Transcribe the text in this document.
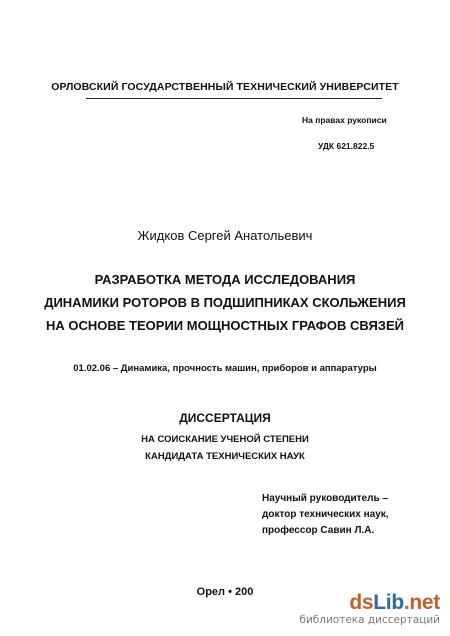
ОРЛОВСКИЙ ГОСУДАРСТВЕННЫЙ ТЕХНИЧЕСКИЙ УНИВЕРСИТЕТ
На правах рукописи
УДК 621.822.5
Жидков Сергей Анатольевич
РАЗРАБОТКА МЕТОДА ИССЛЕДОВАНИЯ
ДИНАМИКИ РОТОРОВ В ПОДШИПНИКАХ СКОЛЬЖЕНИЯ
НА ОСНОВЕ ТЕОРИИ МОЩНОСТНЫХ ГРАФОВ СВЯЗЕЙ
01.02.06 – Динамика, прочность машин, приборов и аппаратуры
ДИССЕРТАЦИЯ
НА СОИСКАНИЕ УЧЕНОЙ СТЕПЕНИ
КАНДИДАТА ТЕХНИЧЕСКИХ НАУК
Научный руководитель –
доктор технических наук,
профессор Савин Л.А.
Орел • 200	dsLib.net
библиотека диссертаций
